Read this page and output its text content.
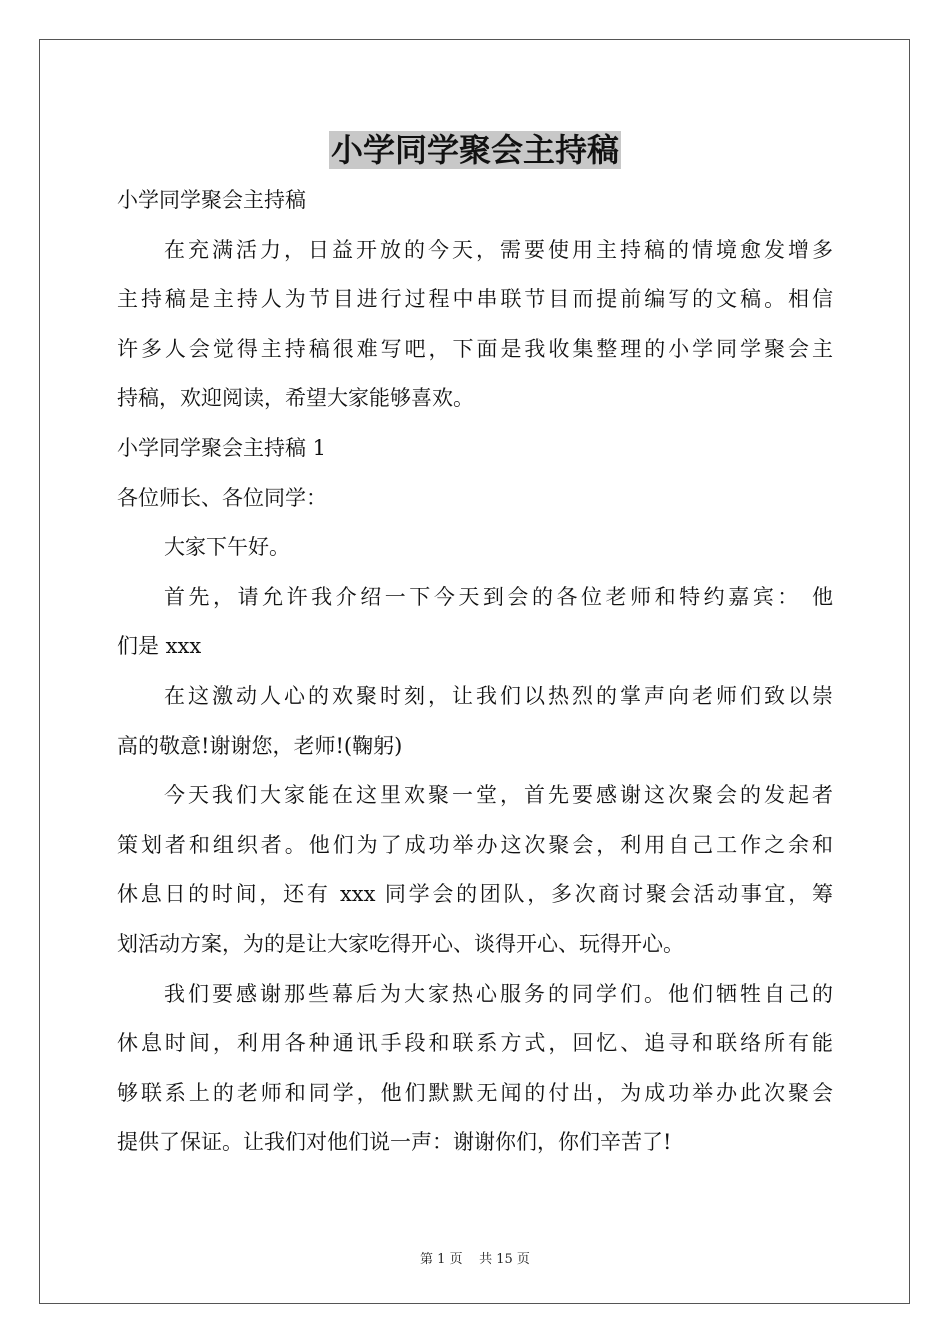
小学同学聚会主持稿
小学同学聚会主持稿
在充满活力，日益开放的今天，需要使用主持稿的情境愈发增多
主持稿是主持人为节目进行过程中串联节目而提前编写的文稿。相信
许多人会觉得主持稿很难写吧，下面是我收集整理的小学同学聚会主
持稿，欢迎阅读，希望大家能够喜欢。
小学同学聚会主持稿 1
各位师长、各位同学：
大家下午好。
首先，请允许我介绍一下今天到会的各位老师和特约嘉宾： 他
们是 xxx
在这激动人心的欢聚时刻，让我们以热烈的掌声向老师们致以崇
高的敬意!谢谢您，老师!(鞠躬)
今天我们大家能在这里欢聚一堂，首先要感谢这次聚会的发起者
策划者和组织者。他们为了成功举办这次聚会，利用自己工作之余和
休息日的时间，还有 xxx 同学会的团队，多次商讨聚会活动事宜，筹
划活动方案，为的是让大家吃得开心、谈得开心、玩得开心。
我们要感谢那些幕后为大家热心服务的同学们。他们牺牲自己的
休息时间，利用各种通讯手段和联系方式，回忆、追寻和联络所有能
够联系上的老师和同学，他们默默无闻的付出，为成功举办此次聚会
提供了保证。让我们对他们说一声：谢谢你们，你们辛苦了!
第 1 页 共 15 页
